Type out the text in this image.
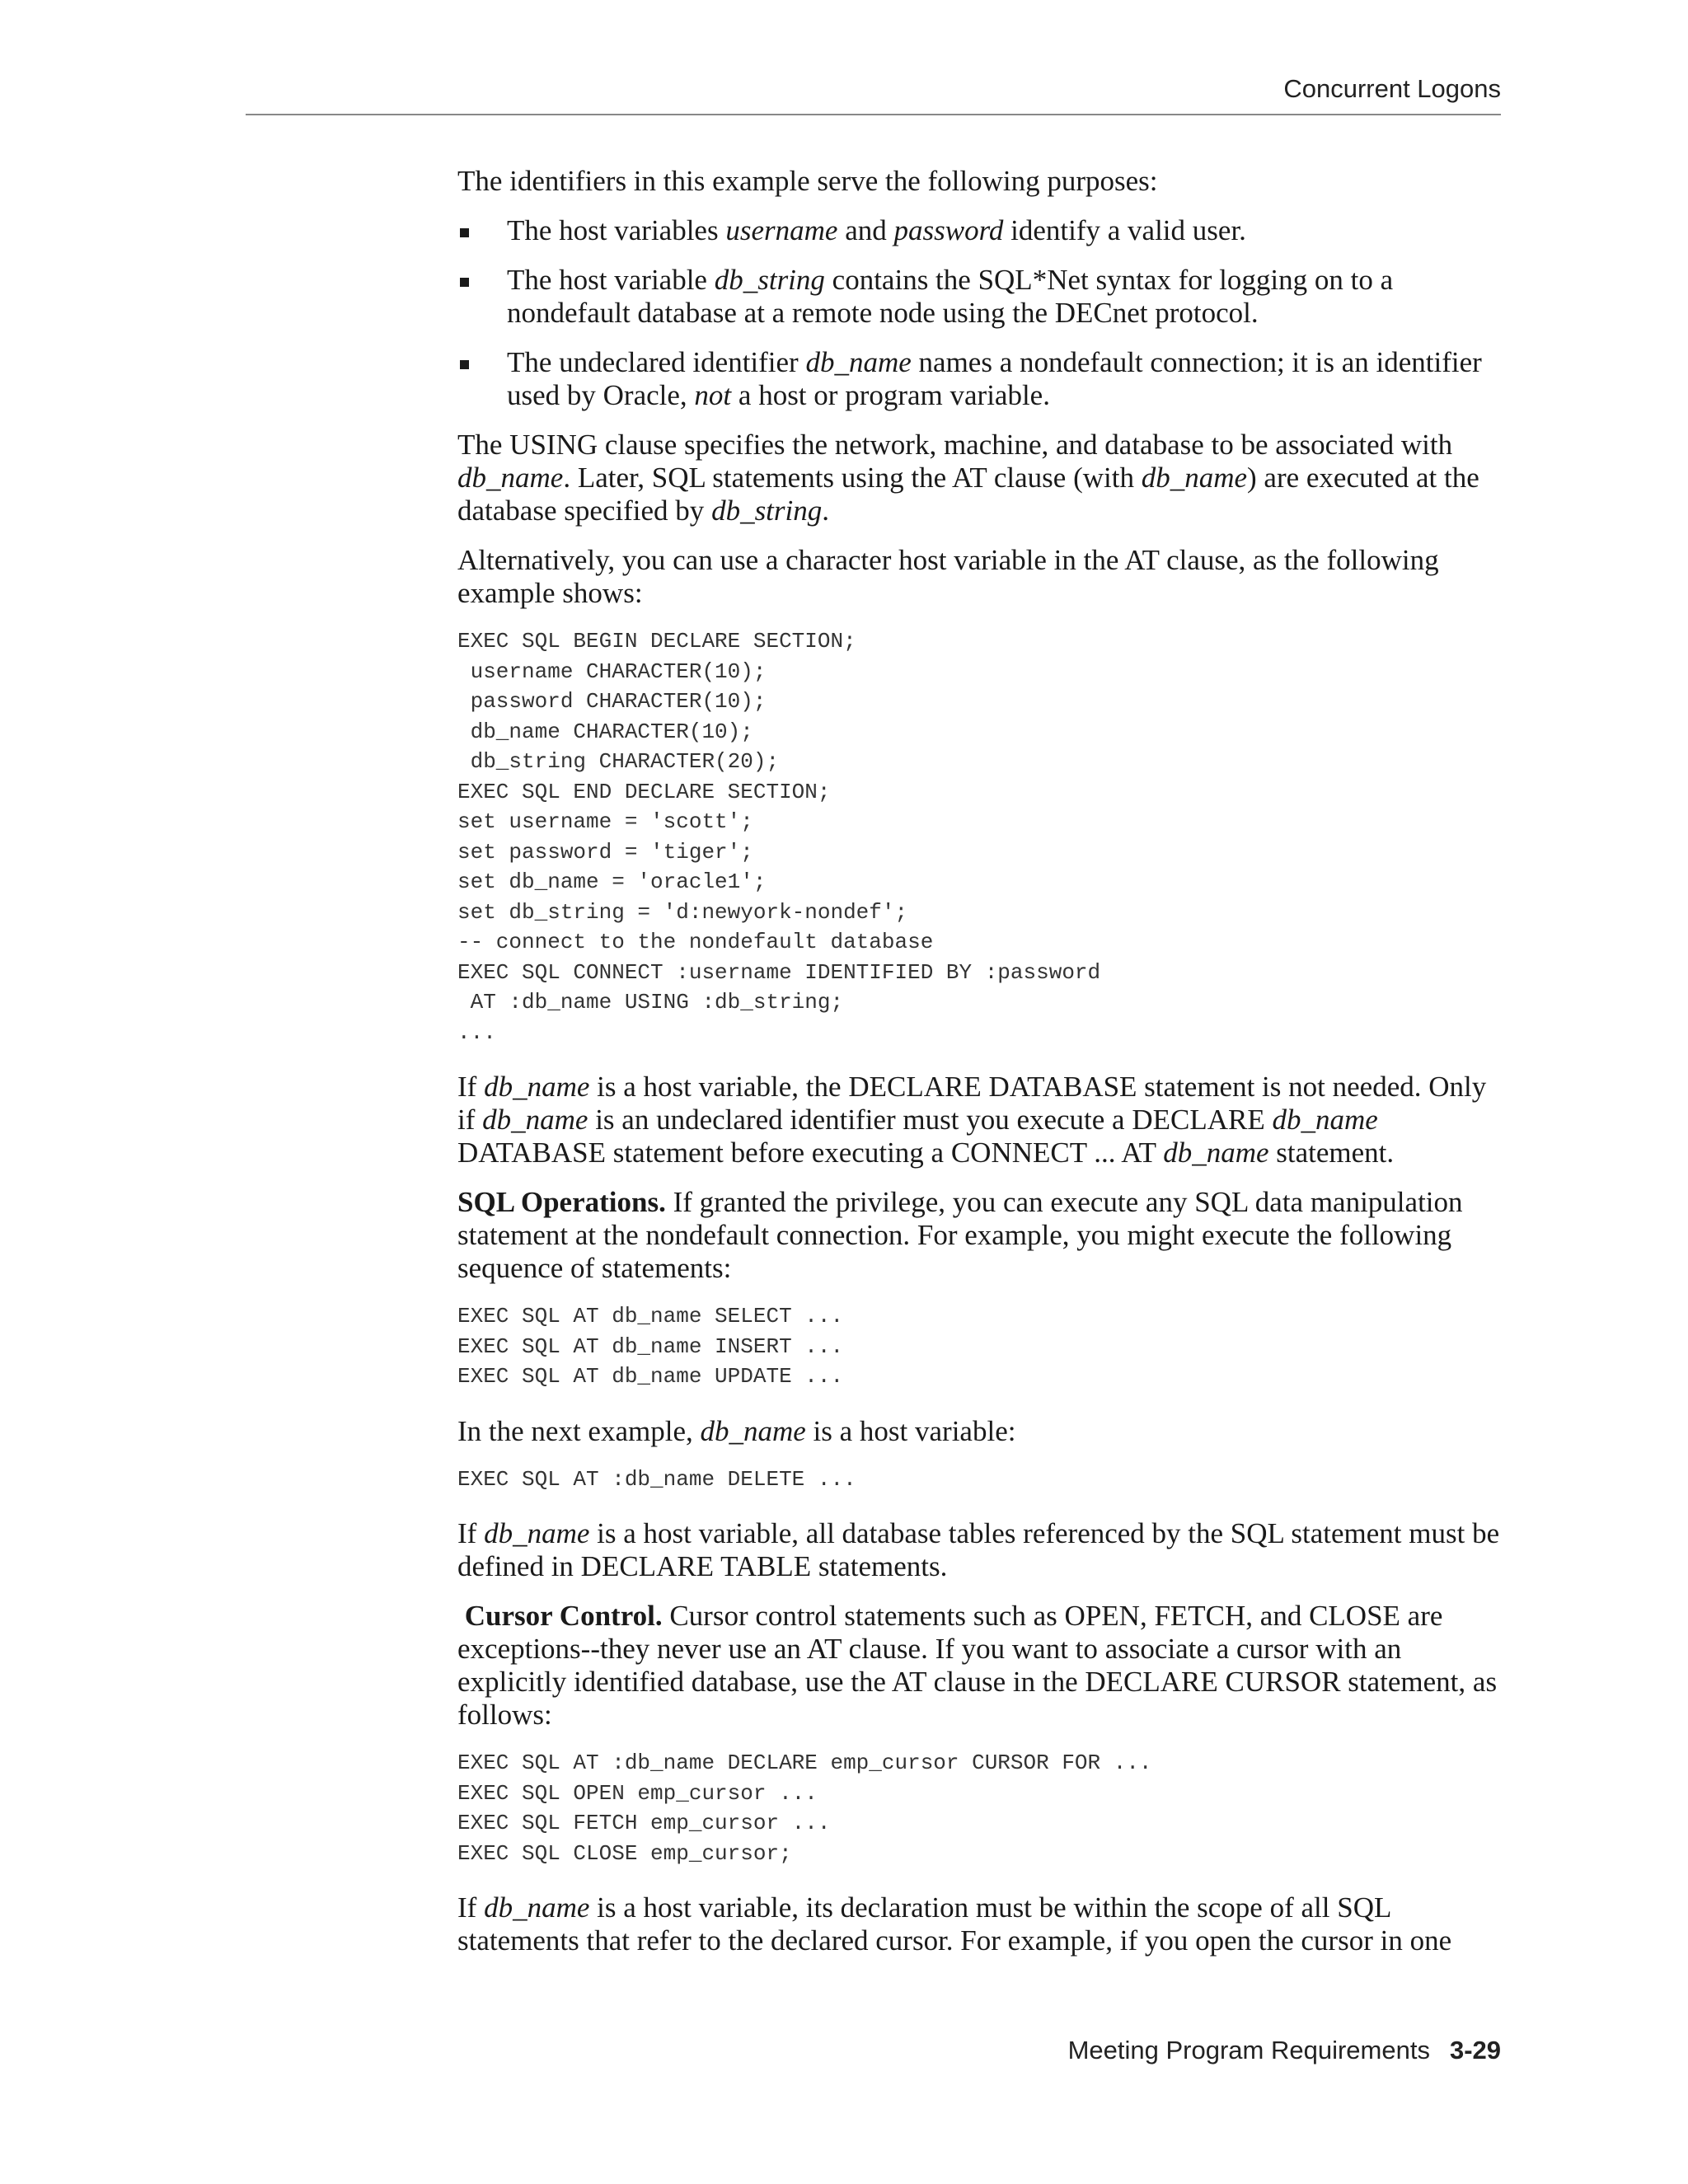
Concurrent Logons

The identifiers in this example serve the following purposes:

The host variables username and password identify a valid user.
The host variable db_string contains the SQL*Net syntax for logging on to a nondefault database at a remote node using the DECnet protocol.
The undeclared identifier db_name names a nondefault connection; it is an identifier used by Oracle, not a host or program variable.

The USING clause specifies the network, machine, and database to be associated with db_name. Later, SQL statements using the AT clause (with db_name) are executed at the database specified by db_string.

Alternatively, you can use a character host variable in the AT clause, as the following example shows:

EXEC SQL BEGIN DECLARE SECTION;
username CHARACTER(10);
password CHARACTER(10);
db_name CHARACTER(10);
db_string CHARACTER(20);
EXEC SQL END DECLARE SECTION;
set username = 'scott';
set password = 'tiger';
set db_name = 'oracle1';
set db_string = 'd:newyork-nondef';
-- connect to the nondefault database
EXEC SQL CONNECT :username IDENTIFIED BY :password
AT :db_name USING :db_string;
...

If db_name is a host variable, the DECLARE DATABASE statement is not needed. Only if db_name is an undeclared identifier must you execute a DECLARE db_name DATABASE statement before executing a CONNECT ... AT db_name statement.

SQL Operations. If granted the privilege, you can execute any SQL data manipulation statement at the nondefault connection. For example, you might execute the following sequence of statements:

EXEC SQL AT db_name SELECT ...
EXEC SQL AT db_name INSERT ...
EXEC SQL AT db_name UPDATE ...

In the next example, db_name is a host variable:

EXEC SQL AT :db_name DELETE ...

If db_name is a host variable, all database tables referenced by the SQL statement must be defined in DECLARE TABLE statements.

Cursor Control. Cursor control statements such as OPEN, FETCH, and CLOSE are exceptions--they never use an AT clause. If you want to associate a cursor with an explicitly identified database, use the AT clause in the DECLARE CURSOR statement, as follows:

EXEC SQL AT :db_name DECLARE emp_cursor CURSOR FOR ...
EXEC SQL OPEN emp_cursor ...
EXEC SQL FETCH emp_cursor ...
EXEC SQL CLOSE emp_cursor;

If db_name is a host variable, its declaration must be within the scope of all SQL statements that refer to the declared cursor. For example, if you open the cursor in one

Meeting Program Requirements 3-29
